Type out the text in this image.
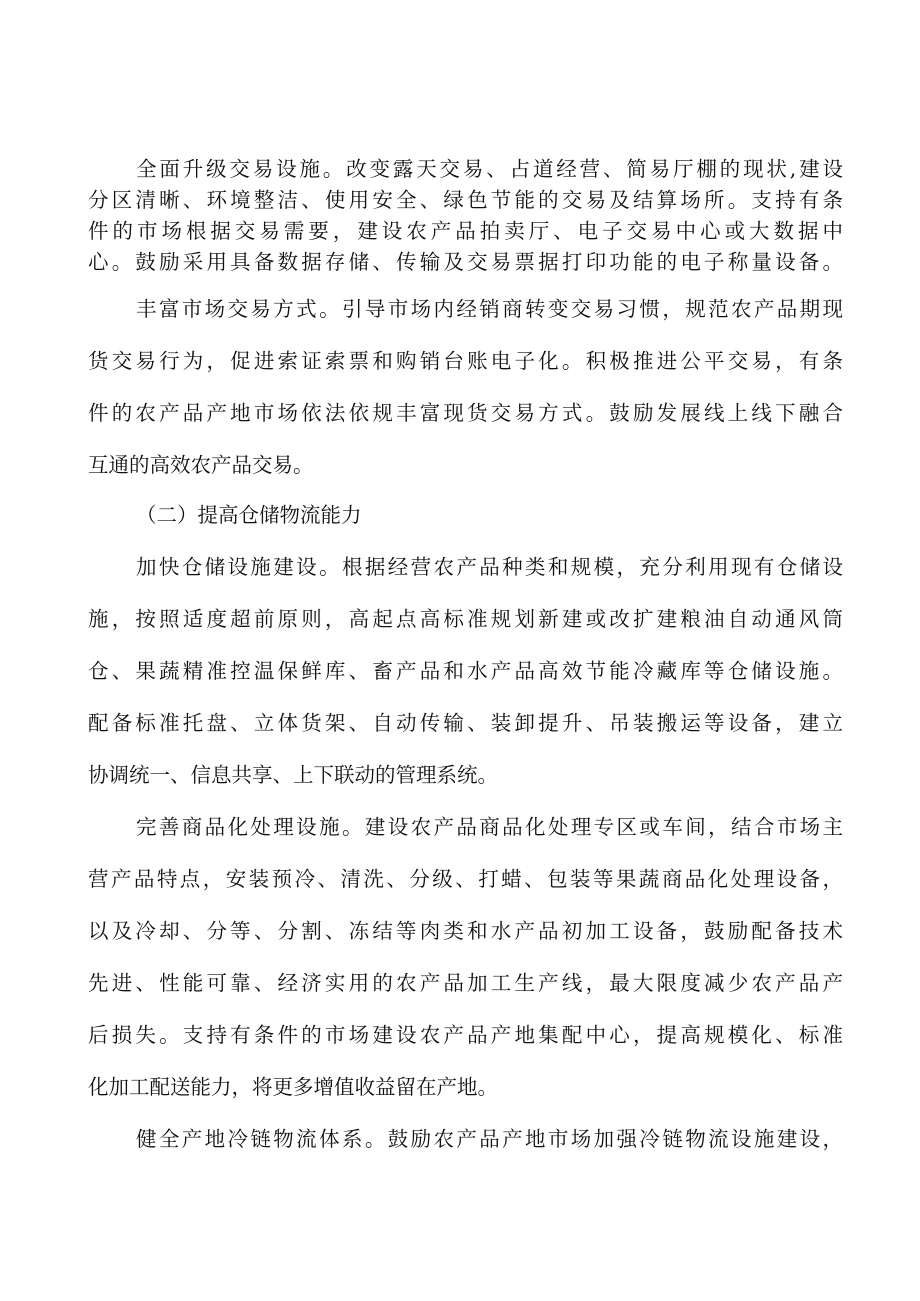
全面升级交易设施。改变露天交易、占道经营、简易厅棚的现状,建设

分区清晰、环境整洁、使用安全、绿色节能的交易及结算场所。支持有条

件的市场根据交易需要，建设农产品拍卖厅、电子交易中心或大数据中

心。鼓励采用具备数据存储、传输及交易票据打印功能的电子称量设备。

丰富市场交易方式。引导市场内经销商转变交易习惯，规范农产品期现

货交易行为，促进索证索票和购销台账电子化。积极推进公平交易，有条

件的农产品产地市场依法依规丰富现货交易方式。鼓励发展线上线下融合

互通的高效农产品交易。

（二）提高仓储物流能力

加快仓储设施建设。根据经营农产品种类和规模，充分利用现有仓储设

施，按照适度超前原则，高起点高标准规划新建或改扩建粮油自动通风筒

仓、果蔬精准控温保鲜库、畜产品和水产品高效节能冷藏库等仓储设施。

配备标准托盘、立体货架、自动传输、装卸提升、吊装搬运等设备，建立

协调统一、信息共享、上下联动的管理系统。

完善商品化处理设施。建设农产品商品化处理专区或车间，结合市场主

营产品特点，安装预冷、清洗、分级、打蜡、包装等果蔬商品化处理设备，

以及冷却、分等、分割、冻结等肉类和水产品初加工设备，鼓励配备技术

先进、性能可靠、经济实用的农产品加工生产线，最大限度减少农产品产

后损失。支持有条件的市场建设农产品产地集配中心，提高规模化、标准

化加工配送能力，将更多增值收益留在产地。

健全产地冷链物流体系。鼓励农产品产地市场加强冷链物流设施建设，
